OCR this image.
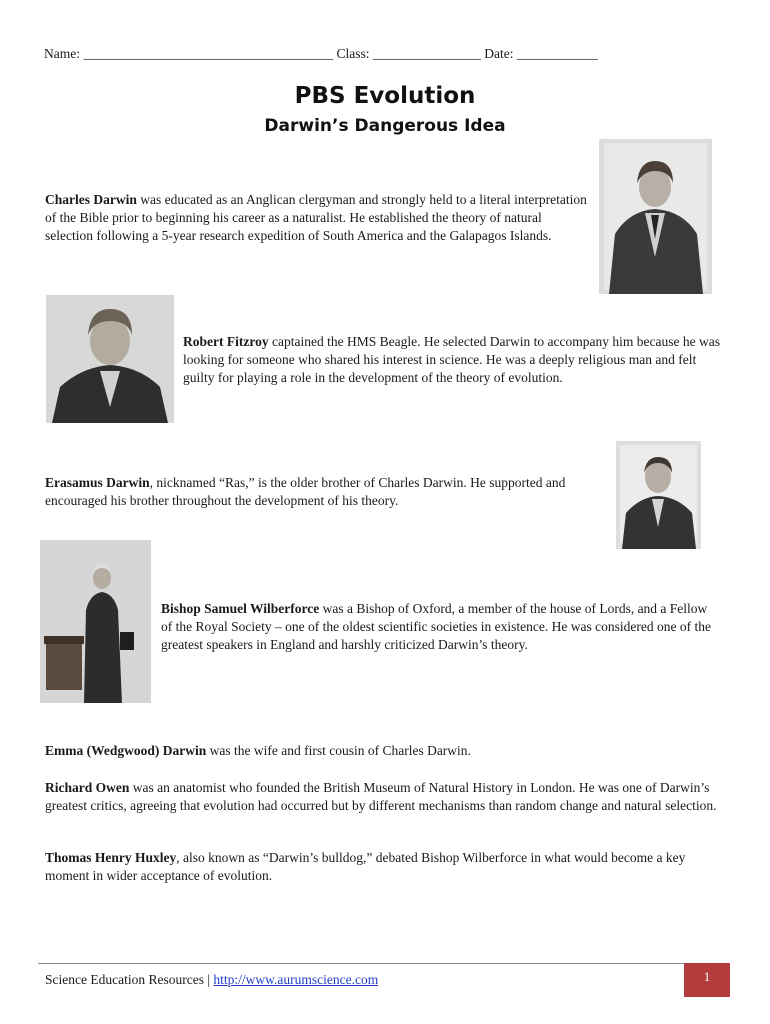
Name: _____________________________________ Class: ________________ Date: ____________
PBS Evolution
Darwin’s Dangerous Idea
Charles Darwin was educated as an Anglican clergyman and strongly held to a literal interpretation of the Bible prior to beginning his career as a naturalist. He established the theory of natural selection following a 5-year research expedition of South America and the Galapagos Islands.
Robert Fitzroy captained the HMS Beagle. He selected Darwin to accompany him because he was looking for someone who shared his interest in science. He was a deeply religious man and felt guilty for playing a role in the development of the theory of evolution.
Erasamus Darwin, nicknamed “Ras,” is the older brother of Charles Darwin. He supported and encouraged his brother throughout the development of his theory.
Bishop Samuel Wilberforce was a Bishop of Oxford, a member of the house of Lords, and a Fellow of the Royal Society – one of the oldest scientific societies in existence. He was considered one of the greatest speakers in England and harshly criticized Darwin’s theory.
Emma (Wedgwood) Darwin was the wife and first cousin of Charles Darwin.
Richard Owen was an anatomist who founded the British Museum of Natural History in London. He was one of Darwin’s greatest critics, agreeing that evolution had occurred but by different mechanisms than random change and natural selection.
Thomas Henry Huxley, also known as “Darwin’s bulldog,” debated Bishop Wilberforce in what would become a key moment in wider acceptance of evolution.
Science Education Resources | http://www.aurumscience.com	1
